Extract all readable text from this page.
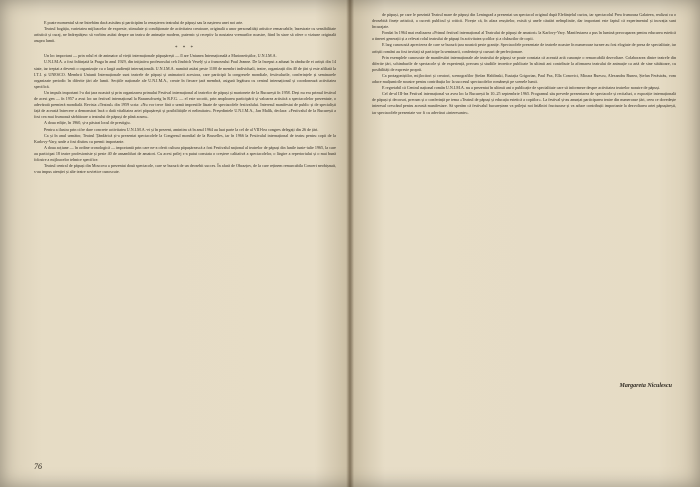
E poate momentul să ne întrebăm dacă asistăm și participăm la renașterea teatrului de păpuși sau la nașterea unei noi arte.

Teatrul bogăția, varietatea mijloacelor de expresie, stimulate și condiționate de activitatea creatoare, originală a unor personalități artistice remarcabile, înzestrate cu sensibilitate artistică și curaj, ne îndreptățesc să vorbim astăzi despre un teatru de animație modern, puternic și receptiv la noutatea vremurilor noastre, fiind în stare să ofere o viziune originală asupra lumii.

* * *

Un loc important — prin rolul ei de animator al vieții internaționale păpușărești — îl are Uniunea Internațională a Marionetiștilor, U.N.I.M.A.

U.N.I.M.A. a fost înființată la Praga în anul 1929, din inițiativa profesorului ceh Jindrich Veselý și a francezului Paul Jeanne. De la început a adunat în rândurile ei artiști din 14 state, iar treptat a devenit o organizație cu o largă audiență internațională. U.N.I.M.A. numără astăzi peste 1100 de membri individuali, teatre, organizații din 40 de țări și este afiliată la I.T.I. și UNESCO. Membrii Uniunii Internaționale sunt teatrele de păpuși și animatorii acestora, care participă la congresele mondiale, festivalurile, conferințele și seminarele organizate periodic în diferite țări ale lumii. Secțiile naționale ale U.N.I.M.A., create în fiecare țară membră, asigură legătura cu centrul internațional și coordonează activitatea specifică.

Un impuls important l-a dat țara noastră și prin organizarea primului Festival internațional al teatrelor de păpuși și marionete de la București în 1958. Deși nu era primul festival de acest gen — în 1957 a avut loc un festival internațional la Braunschweig în R.F.G. — el este socotit, prin amploarea participării și valoarea artistică a spectacolelor prezentate, o adevărată premieră mondială. Revista «Teatrul» din 1959 scria: «Nu vor trece fără o urmă impresiile lăsate de spectacolele festivalului. Interesul manifestat de public și de specialiști față de această întrecere a demonstrat încă o dată vitalitatea artei păpușărești și posibilitățile ei nelimitate». Președintele U.N.I.M.A., Jan Malík, declara: «Festivalul de la București a fost cea mai frumoasă sărbătoare a teatrului de păpuși de până acum».

A doua ediție, în 1960, și-a păstrat locul de prestigiu.

Pentru a ilustra prin cifre dare concrete activitatea U.N.I.M.A.-ei și în prezent, amintim că în anul 1964 au luat parte la cel de al VIII-lea congres delegați din 26 de țări.

Ca și în anul următor, Teatrul Țăndărică și-a prezentat spectacolele la Congresul mondial de la Bruxelles, iar în 1966 la Festivalul internațional de teatru pentru copii de la Karlovy-Vary, unde a fost distins cu premii importante.

A doua acțiune — în ordine cronologică — importantă prin care ne-a oferit cultura păpușărească a fost Festivalul național al teatrelor de păpuși din lunile iunie-iulie 1965, la care au participat 18 teatre profesioniste și peste 40 de ansambluri de amatori. Cu acest prilej s-a putut constata o creștere calitativă a spectacolelor, o lărgire a repertoriului și o mai bună folosire a mijloacelor tehnice specifice.

Teatrul central de păpuși din Moscova a prezentat două spectacole, care se bucură de un deosebit succes. În afară de Obrazțov, de la care reținem remarcabila Concert neobișnuit, s-au impus atenției și alte teatre sovietice cunoscute.

76

de păpuși, pe care le prezintă Teatrul mare de păpuși din Leningrad a prezentat un spectacol original după Elefănțelul curios, iar spectacolul Prea frumoasa Galateea, realizat cu o deosebită finețe artistică, a cucerit publicul și criticii. Firește că, în afara reușitelor, există și unele căutări neîmplinite, dar important este faptul că experimentul și inovația sunt încurajate.

Fondat în 1964 mai realizarea «Primul festival internațional al Teatrului de păpuși de amatori» la Karlovy-Vary. Manifestarea a pus în lumină preocuparea pentru educarea estetică a tinerei generații și a relevat rolul teatrului de păpuși în activitatea școlilor și a cluburilor de copii.

E larg cunoscută aprecierea de care se bucură țara noastră peste granițe. Spectacolele prezentate de teatrele noastre în numeroase turnee au fost elogiate de presa de specialitate, iar artiștii români au fost invitați să participe la seminarii, conferințe și cursuri de perfecționare.

Prin exemplele cunoscute de manifestări internaționale ale teatrului de păpuși se poate constata că această artă cunoaște o remarcabilă dezvoltare. Colaborarea dintre teatrele din diferite țări, schimburile de spectacole și de experiență, precum și studiile teoretice publicate în ultimii ani contribuie la afirmarea teatrului de animație ca artă de sine stătătoare, cu posibilități de expresie proprii.

Ca protagoniștilor, mijlocitori și creatori, scenografilor Ștefan Hablinski, Eustația Grigorian, Paul Pax, Ella Conovici, Mioara Buescu, Alexandru Bunea, Ștefan Ferăstrău, vom aduce mulțumirile noastre pentru contribuția lor la succesul spectacolelor românești pe scenele lumii.

E regretabil că Centrul național român U.N.I.M.A. nu a prezentat în ultimii ani o publicație de specialitate care să informeze despre activitatea teatrelor noastre de păpuși.

Cel de-al III-lea Festival internațional va avea loc la București în 10–25 septembrie 1965. Programul său prevede prezentarea de spectacole și recitaluri, o expoziție internațională de păpuși și decoruri, precum și o conferință pe tema «Teatrul de păpuși și educația estetică a copiilor». La festival și-au anunțat participarea teatre din numeroase țări, ceea ce dovedește interesul crescând pentru această manifestare. Să sperăm că festivalul bucureștean va prilejui noi întâlniri fructuoase și va aduce contribuții importante la dezvoltarea artei păpușărești, iar spectacolele prezentate vor fi cu adevărat «interesante».

Margareta Niculescu
